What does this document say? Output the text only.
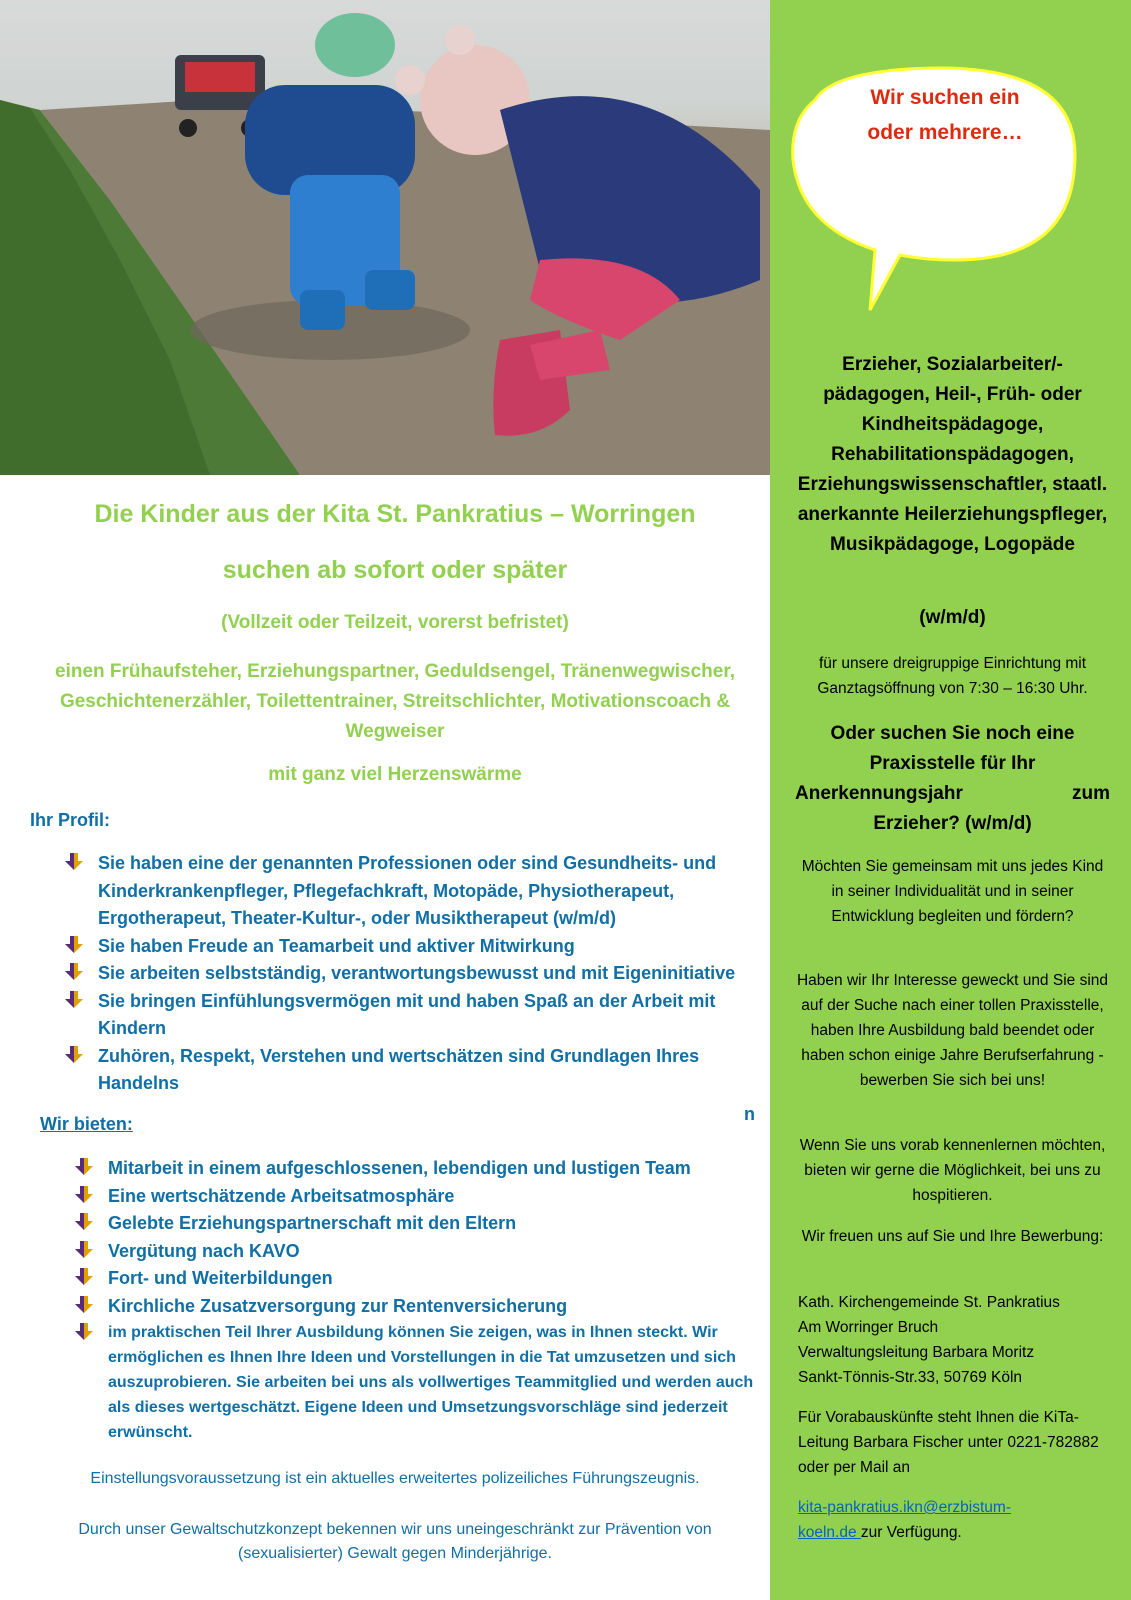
Die Kinder aus der Kita St. Pankratius – Worringen
suchen ab sofort oder später
(Vollzeit oder Teilzeit, vorerst befristet)
einen Frühaufsteher, Erziehungspartner, Geduldsengel, Tränenwegwischer,
Geschichtenerzähler, Toilettentrainer, Streitschlichter, Motivationscoach &
Wegweiser
mit ganz viel Herzenswärme
Ihr Profil:
Sie haben eine der genannten Professionen oder sind Gesundheits- und Kinderkrankenpfleger, Pflegefachkraft, Motopäde, Physiotherapeut, Ergotherapeut, Theater-Kultur-, oder Musiktherapeut (w/m/d)
Sie haben Freude an Teamarbeit und aktiver Mitwirkung
Sie arbeiten selbstständig, verantwortungsbewusst und mit Eigeninitiative
Sie bringen Einfühlungsvermögen mit und haben Spaß an der Arbeit mit Kindern
Zuhören, Respekt, Verstehen und wertschätzen sind Grundlagen Ihres Handelns
n
Wir bieten:
Mitarbeit in einem aufgeschlossenen, lebendigen und lustigen Team
Eine wertschätzende Arbeitsatmosphäre
Gelebte Erziehungspartnerschaft mit den Eltern
Vergütung nach KAVO
Fort- und Weiterbildungen
Kirchliche Zusatzversorgung zur Rentenversicherung
im praktischen Teil Ihrer Ausbildung können Sie zeigen, was in Ihnen steckt. Wir ermöglichen es Ihnen Ihre Ideen und Vorstellungen in die Tat umzusetzen und sich auszuprobieren. Sie arbeiten bei uns als vollwertiges Teammitglied und werden auch als dieses wertgeschätzt. Eigene Ideen und Umsetzungsvorschläge sind jederzeit erwünscht.
Einstellungsvoraussetzung ist ein aktuelles erweitertes polizeiliches Führungszeugnis.
Durch unser Gewaltschutzkonzept bekennen wir uns uneingeschränkt zur Prävention von (sexualisierter) Gewalt gegen Minderjährige.
Wir suchen ein
oder mehrere…
Erzieher, Sozialarbeiter/-pädagogen, Heil-, Früh- oder Kindheitspädagoge, Rehabilitationspädagogen, Erziehungswissenschaftler, staatl. anerkannte Heilerziehungspfleger, Musikpädagoge, Logopäde
(w/m/d)
für unsere dreigruppige Einrichtung mit Ganztagsöffnung von 7:30 – 16:30 Uhr.
Oder suchen Sie noch eine
Praxisstelle für Ihr
Anerkennungsjahr	zum
Erzieher? (w/m/d)
Möchten Sie gemeinsam mit uns jedes Kind in seiner Individualität und in seiner Entwicklung begleiten und fördern?
Haben wir Ihr Interesse geweckt und Sie sind auf der Suche nach einer tollen Praxisstelle, haben Ihre Ausbildung bald beendet oder haben schon einige Jahre Berufserfahrung - bewerben Sie sich bei uns!
Wenn Sie uns vorab kennenlernen möchten, bieten wir gerne die Möglichkeit, bei uns zu hospitieren.
Wir freuen uns auf Sie und Ihre Bewerbung:
Kath. Kirchengemeinde St. Pankratius
Am Worringer Bruch
Verwaltungsleitung Barbara Moritz
Sankt-Tönnis-Str.33, 50769 Köln
Für Vorabauskünfte steht Ihnen die KiTa-Leitung Barbara Fischer unter 0221-782882 oder per Mail an
kita-pankratius.ikn@erzbistum-
koeln.de zur Verfügung.
